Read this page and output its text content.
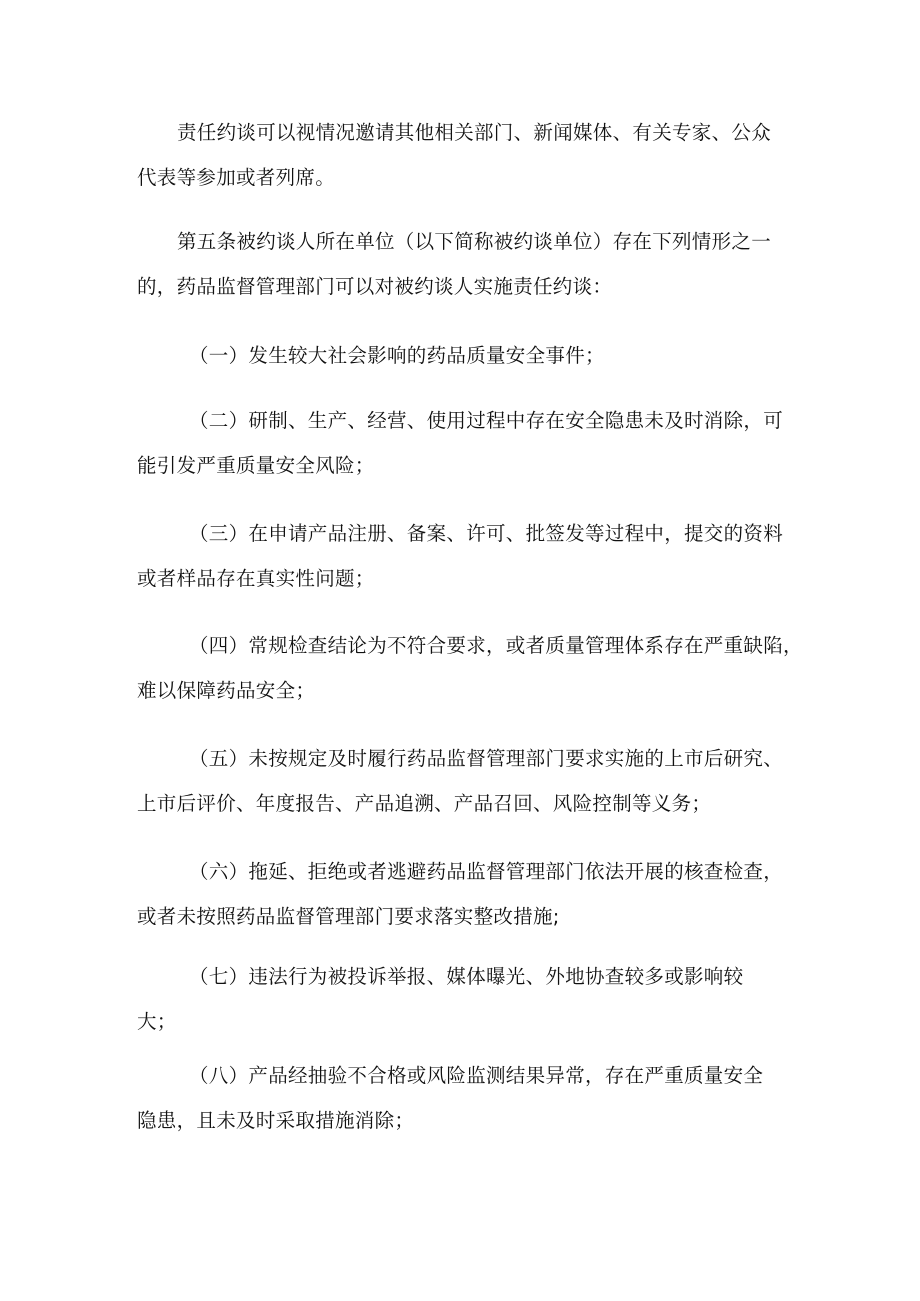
责任约谈可以视情况邀请其他相关部门、新闻媒体、有关专家、公众
代表等参加或者列席。

第五条被约谈人所在单位（以下简称被约谈单位）存在下列情形之一
的，药品监督管理部门可以对被约谈人实施责任约谈：

（一）发生较大社会影响的药品质量安全事件；

（二）研制、生产、经营、使用过程中存在安全隐患未及时消除，可
能引发严重质量安全风险；

（三）在申请产品注册、备案、许可、批签发等过程中，提交的资料
或者样品存在真实性问题；

（四）常规检查结论为不符合要求，或者质量管理体系存在严重缺陷，
难以保障药品安全；

（五）未按规定及时履行药品监督管理部门要求实施的上市后研究、
上市后评价、年度报告、产品追溯、产品召回、风险控制等义务；

（六）拖延、拒绝或者逃避药品监督管理部门依法开展的核查检查，
或者未按照药品监督管理部门要求落实整改措施;

（七）违法行为被投诉举报、媒体曝光、外地协查较多或影响较
大；

（八）产品经抽验不合格或风险监测结果异常，存在严重质量安全
隐患，且未及时采取措施消除；
